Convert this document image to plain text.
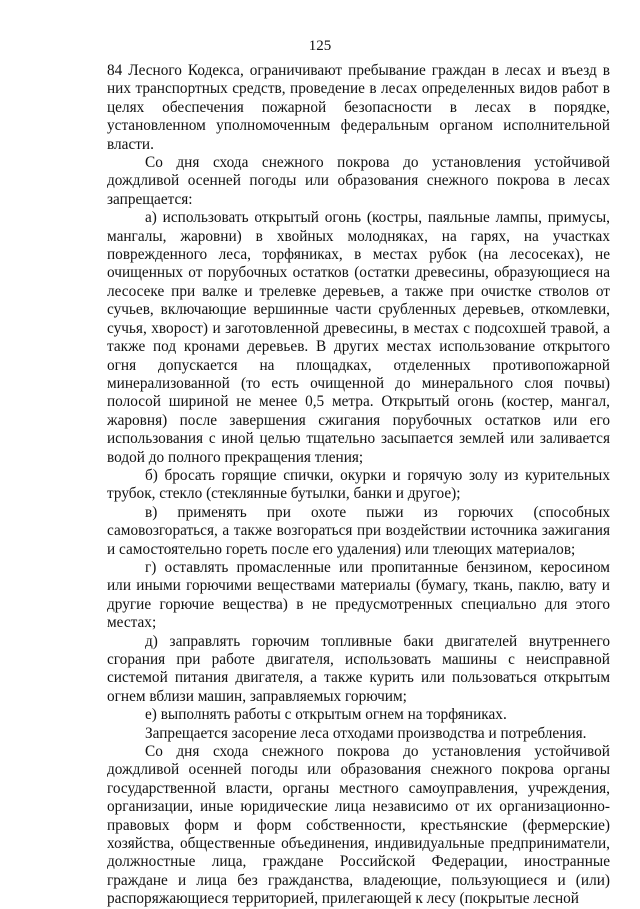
125

84 Лесного Кодекса, ограничивают пребывание граждан в лесах и въезд в них транспортных средств, проведение в лесах определенных видов работ в целях обеспечения пожарной безопасности в лесах в порядке, установленном уполномоченным федеральным органом исполнительной власти.

Со дня схода снежного покрова до установления устойчивой дождливой осенней погоды или образования снежного покрова в лесах запрещается:

а) использовать открытый огонь (костры, паяльные лампы, примусы, мангалы, жаровни) в хвойных молодняках, на гарях, на участках поврежденного леса, торфяниках, в местах рубок (на лесосеках), не очищенных от порубочных остатков (остатки древесины, образующиеся на лесосеке при валке и трелевке деревьев, а также при очистке стволов от сучьев, включающие вершинные части срубленных деревьев, откомлевки, сучья, хворост) и заготовленной древесины, в местах с подсохшей травой, а также под кронами деревьев. В других местах использование открытого огня допускается на площадках, отделенных противопожарной минерализованной (то есть очищенной до минерального слоя почвы) полосой шириной не менее 0,5 метра. Открытый огонь (костер, мангал, жаровня) после завершения сжигания порубочных остатков или его использования с иной целью тщательно засыпается землей или заливается водой до полного прекращения тления;

б) бросать горящие спички, окурки и горячую золу из курительных трубок, стекло (стеклянные бутылки, банки и другое);

в) применять при охоте пыжи из горючих (способных самовозгораться, а также возгораться при воздействии источника зажигания и самостоятельно гореть после его удаления) или тлеющих материалов;

г) оставлять промасленные или пропитанные бензином, керосином или иными горючими веществами материалы (бумагу, ткань, паклю, вату и другие горючие вещества) в не предусмотренных специально для этого местах;

д) заправлять горючим топливные баки двигателей внутреннего сгорания при работе двигателя, использовать машины с неисправной системой питания двигателя, а также курить или пользоваться открытым огнем вблизи машин, заправляемых горючим;

е) выполнять работы с открытым огнем на торфяниках.

Запрещается засорение леса отходами производства и потребления.

Со дня схода снежного покрова до установления устойчивой дождливой осенней погоды или образования снежного покрова органы государственной власти, органы местного самоуправления, учреждения, организации, иные юридические лица независимо от их организационно-правовых форм и форм собственности, крестьянские (фермерские) хозяйства, общественные объединения, индивидуальные предприниматели, должностные лица, граждане Российской Федерации, иностранные граждане и лица без гражданства, владеющие, пользующиеся и (или) распоряжающиеся территорией, прилегающей к лесу (покрытые лесной
